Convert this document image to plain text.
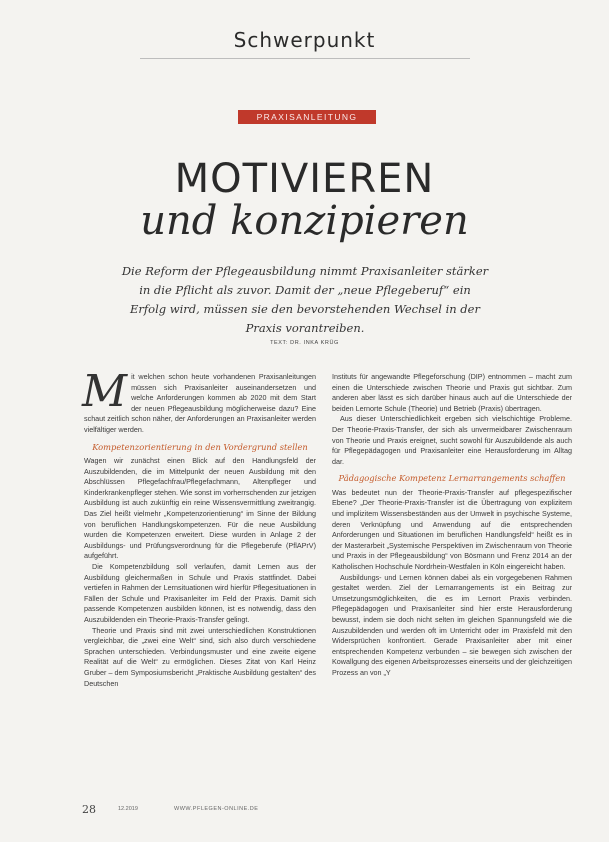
Schwerpunkt
PRAXISANLEITUNG
MOTIVIEREN
und konzipieren
Die Reform der Pflegeausbildung nimmt Praxisanleiter stärker in die Pflicht als zuvor. Damit der „neue Pflegeberuf“ ein Erfolg wird, müssen sie den bevorstehenden Wechsel in der Praxis vorantreiben.
TEXT: DR. INKA KRÜG
M it welchen schon heute vorhandenen Praxisanleitungen müssen sich Praxisanleiter auseinandersetzen und welche Anforderungen kommen ab 2020 mit dem Start der neuen Pflegeausbildung möglicherweise dazu? Eine schaut zeitlich schon näher, der Anforderungen an Praxisanleiter werden vielfältiger werden.

Kompetenzorientierung in den Vordergrund stellen

Wagen wir zunächst einen Blick auf den Handlungsfeld der Auszubildenden, die im Mittelpunkt der neuen Ausbildung mit den Abschlüssen Pflegefachfrau/Pflegefachmann, Altenpfleger und Kinderkrankenpfleger stehen. Wie sonst im vorherrschenden zur jetzigen Ausbildung ist auch zukünftig ein reine Wissensvermittlung zweitrangig. Das Ziel heißt vielmehr „Kompetenzorientierung“ im Sinne der Bildung von beruflichen Handlungskompetenzen. Für die neue Ausbildung wurden die Kompetenzen erweitert. Diese wurden in Anlage 2 der Ausbildungs- und Prüfungsverordnung für die Pflegeberufe (PflAPrV) aufgeführt.

Die Kompetenzbildung soll verlaufen, damit Lernen aus der Ausbildung gleichermaßen in Schule und Praxis stattfindet. Dabei vertiefen in Rahmen der Lernsituationen wird hierfür Pflegesituationen in Fällen der Schule und Praxisanleiter im Feld der Praxis. Damit sich passende Kompetenzen ausbilden können, ist es notwendig, dass den Auszubildenden ein Theorie-Praxis-Transfer gelingt.

Theorie und Praxis sind mit zwei unterschiedlichen Konstruktionen vergleichbar, die „zwei eine Welt“ sind, sich also durch verschiedene Sprachen unterschieden. Verbindungsmuster und eine zweite eigene Realität auf die Welt“ zu ermöglichen. Dieses Zitat von Karl Heinz Gruber – dem Symposiumsbericht „Praktische Ausbildung gestalten“ des Deutschen

Instituts für angewandte Pflegeforschung (DIP) entnommen – macht zum einen die Unterschiede zwischen Theorie und Praxis gut sichtbar. Zum anderen aber lässt es sich darüber hinaus auch auf die Unterschiede der beiden Lernorte Schule (Theorie) und Betrieb (Praxis) übertragen.

Aus dieser Unterschiedlichkeit ergeben sich vielschichtige Probleme. Der Theorie-Praxis-Transfer, der sich als unvermeidbarer Zwischenraum von Theorie und Praxis ereignet, sucht sowohl für Auszubildende als auch für Pflegepädagogen und Praxisanleiter eine Herausforderung im Alltag dar.

Pädagogische Kompetenz Lernarrangements schaffen

Was bedeutet nun der Theorie-Praxis-Transfer auf pflegespezifischer Ebene? „Der Theorie-Praxis-Transfer ist die Übertragung von explizitem und implizitem Wissensbeständen aus der Umwelt in psychische Systeme, deren Verknüpfung und Anwendung auf die entsprechenden Anforderungen und Situationen im beruflichen Handlungsfeld“ heißt es in der Masterarbeit „Systemische Perspektiven im Zwischenraum von Theorie und Praxis in der Pflegeausbildung“ von Bösmann und Frenz 2014 an der Katholischen Hochschule Nordrhein-Westfalen in Köln eingereicht haben.

Ausbildungs- und Lernen können dabei als ein vorgegebenen Rahmen gestaltet werden. Ziel der Lernarrangements ist ein Beitrag zur Umsetzungsmöglichkeiten, die es im Lernort Praxis verbinden. Pflegepädagogen und Praxisanleiter sind hier erste Herausforderung bewusst, indem sie doch nicht selten im gleichen Spannungsfeld wie die Auszubildenden und werden oft im Unterricht oder im Praxisfeld mit den Widersprüchen konfrontiert. Gerade Praxisanleiter aber mit einer entsprechenden Kompetenz verbunden – sie bewegen sich zwischen der Kowallgung des eigenen Arbeitsprozesses einerseits und der gleichzeitigen Prozess an von „Y

28	12.2019	WWW.PFLEGEN-ONLINE.DE
